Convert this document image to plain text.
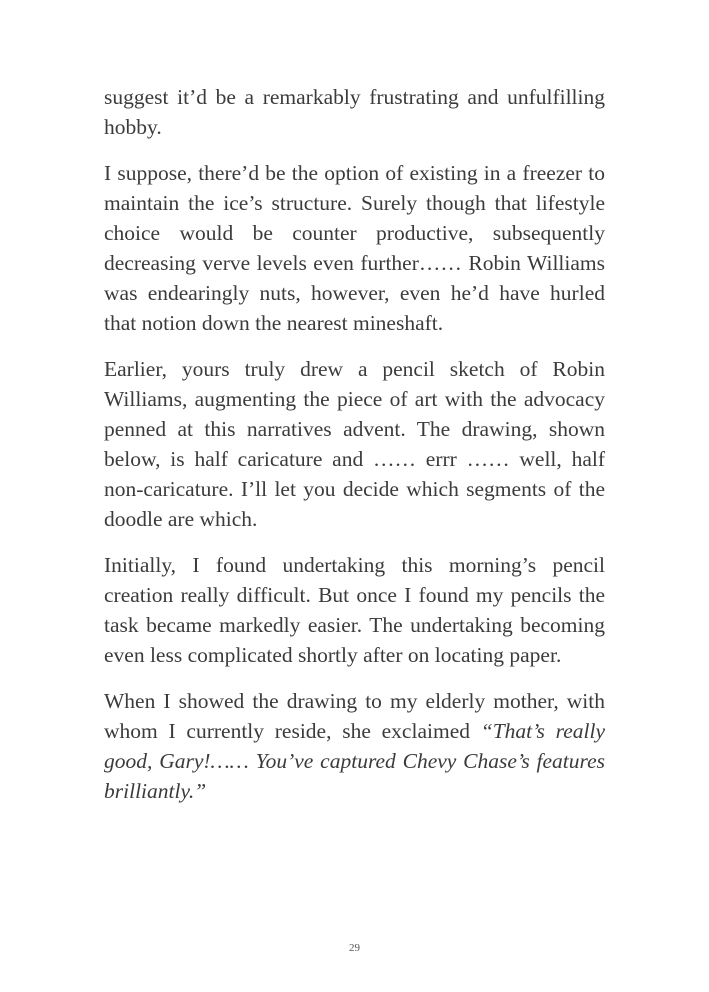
suggest it’d be a remarkably frustrating and unfulfilling hobby.

I suppose, there’d be the option of existing in a freezer to maintain the ice’s structure. Surely though that lifestyle choice would be counter productive, subsequently decreasing verve levels even further…… Robin Williams was endearingly nuts, however, even he’d have hurled that notion down the nearest mineshaft.

Earlier, yours truly drew a pencil sketch of Robin Williams, augmenting the piece of art with the advocacy penned at this narratives advent. The drawing, shown below, is half caricature and …… errr …… well, half non-caricature. I’ll let you decide which segments of the doodle are which.

Initially, I found undertaking this morning’s pencil creation really difficult. But once I found my pencils the task became markedly easier. The undertaking becoming even less complicated shortly after on locating paper.

When I showed the drawing to my elderly mother, with whom I currently reside, she exclaimed “That’s really good, Gary!…… You’ve captured Chevy Chase’s features brilliantly.”

29
